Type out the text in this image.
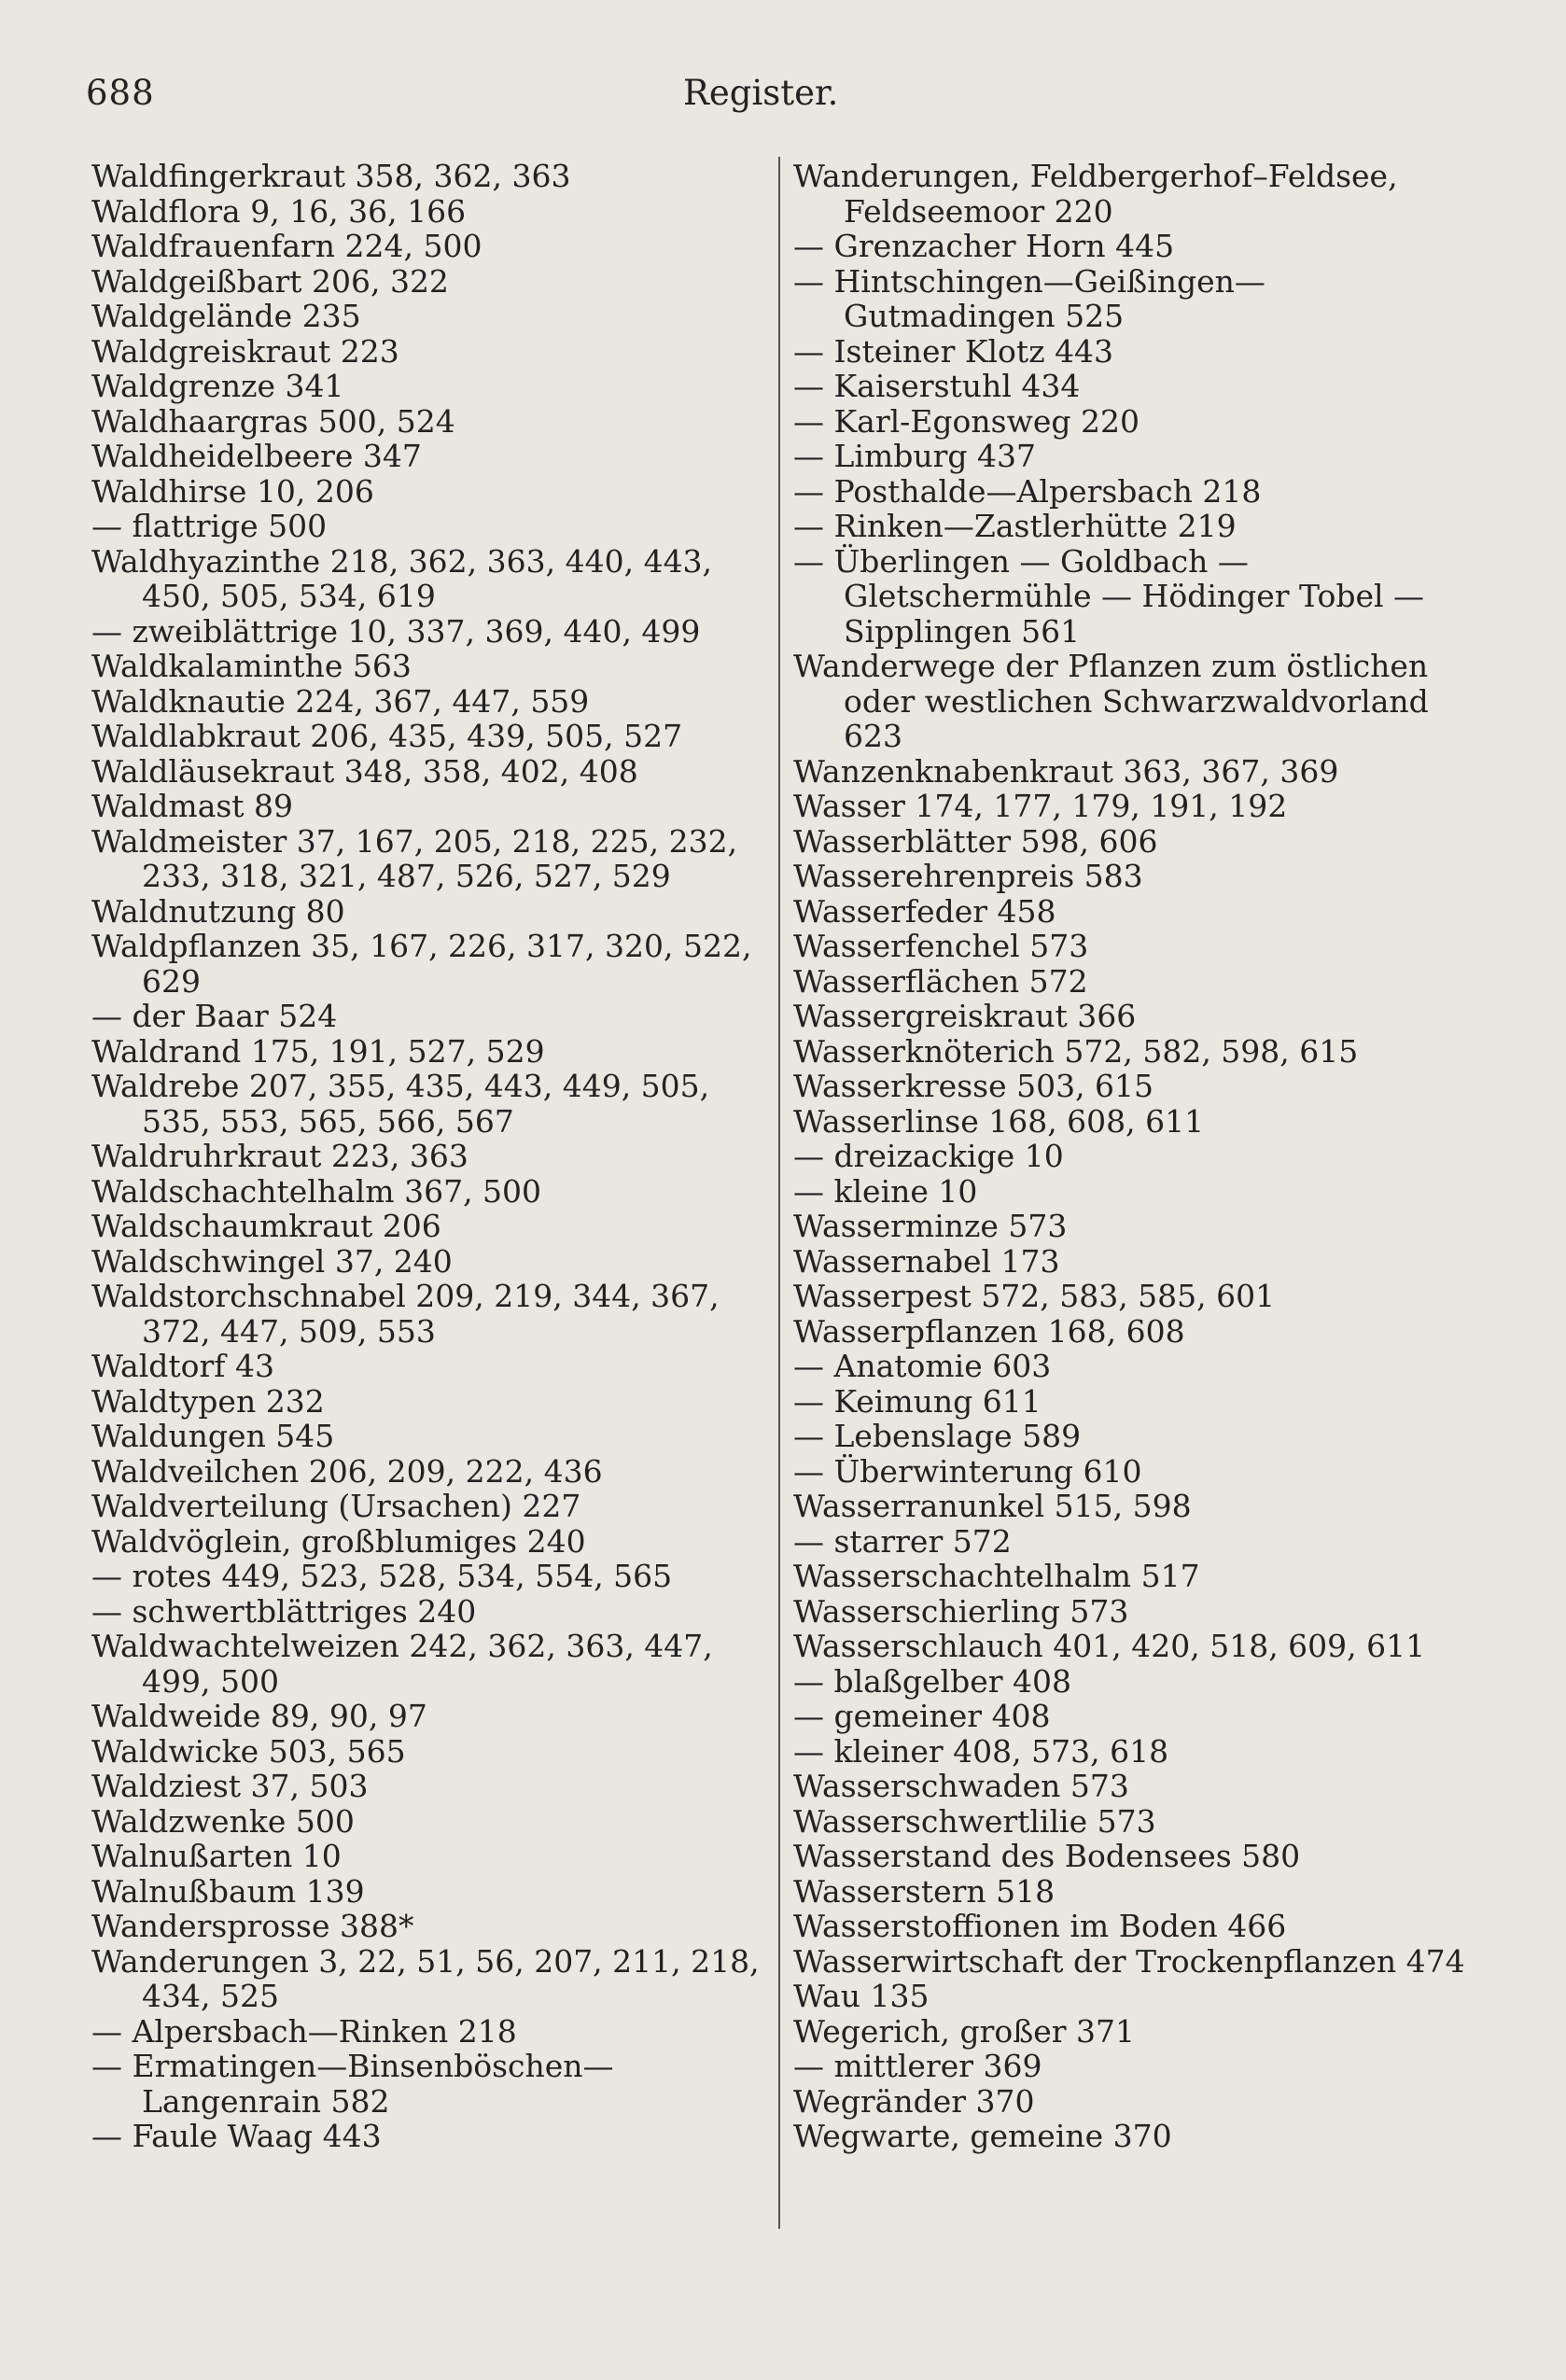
688	Register.
Waldfingerkraut 358, 362, 363
Waldflora 9, 16, 36, 166
Waldfrauenfarn 224, 500
Waldgeißbart 206, 322
Waldgelände 235
Waldgreiskraut 223
Waldgrenze 341
Waldhaargras 500, 524
Waldheidelbeere 347
Waldhirse 10, 206
— flattrige 500
Waldhyazinthe 218, 362, 363, 440, 443, 450, 505, 534, 619
— zweiblättrige 10, 337, 369, 440, 499
Waldkalaminthe 563
Waldknautie 224, 367, 447, 559
Waldlabkraut 206, 435, 439, 505, 527
Waldläusekraut 348, 358, 402, 408
Waldmast 89
Waldmeister 37, 167, 205, 218, 225, 232, 233, 318, 321, 487, 526, 527, 529
Waldnutzung 80
Waldpflanzen 35, 167, 226, 317, 320, 522, 629
— der Baar 524
Waldrand 175, 191, 527, 529
Waldrebe 207, 355, 435, 443, 449, 505, 535, 553, 565, 566, 567
Waldruhrkraut 223, 363
Waldschachtelhalm 367, 500
Waldschaumkraut 206
Waldschwingel 37, 240
Waldstorchschnabel 209, 219, 344, 367, 372, 447, 509, 553
Waldtorf 43
Waldtypen 232
Waldungen 545
Waldveilchen 206, 209, 222, 436
Waldverteilung (Ursachen) 227
Waldvöglein, großblumiges 240
— rotes 449, 523, 528, 534, 554, 565
— schwertblättriges 240
Waldwachtelweizen 242, 362, 363, 447, 499, 500
Waldweide 89, 90, 97
Waldwicke 503, 565
Waldziest 37, 503
Waldzwenke 500
Walnußarten 10
Walnußbaum 139
Wandersprosse 388*
Wanderungen 3, 22, 51, 56, 207, 211, 218, 434, 525
— Alpersbach—Rinken 218
— Ermatingen—Binsenböschen—Langenrain 582
— Faule Waag 443
Wanderungen, Feldbergerhof–Feldsee, Feldseemoor 220
— Grenzacher Horn 445
— Hintschingen—Geißingen—Gutmadingen 525
— Isteiner Klotz 443
— Kaiserstuhl 434
— Karl-Egonsweg 220
— Limburg 437
— Posthalde—Alpersbach 218
— Rinken—Zastlerhütte 219
— Überlingen — Goldbach — Gletschermühle — Hödinger Tobel — Sipplingen 561
Wanderwege der Pflanzen zum östlichen oder westlichen Schwarzwaldvorland 623
Wanzenknabenkraut 363, 367, 369
Wasser 174, 177, 179, 191, 192
Wasserblätter 598, 606
Wasserehrenpreis 583
Wasserfeder 458
Wasserfenchel 573
Wasserflächen 572
Wassergreiskraut 366
Wasserknöterich 572, 582, 598, 615
Wasserkresse 503, 615
Wasserlinse 168, 608, 611
— dreizackige 10
— kleine 10
Wasserminze 573
Wassernabel 173
Wasserpest 572, 583, 585, 601
Wasserpflanzen 168, 608
— Anatomie 603
— Keimung 611
— Lebenslage 589
— Überwinterung 610
Wasserranunkel 515, 598
— starrer 572
Wasserschachtelhalm 517
Wasserschierling 573
Wasserschlauch 401, 420, 518, 609, 611
— blaßgelber 408
— gemeiner 408
— kleiner 408, 573, 618
Wasserschwaden 573
Wasserschwertlilie 573
Wasserstand des Bodensees 580
Wasserstern 518
Wasserstoffionen im Boden 466
Wasserwirtschaft der Trockenpflanzen 474
Wau 135
Wegerich, großer 371
— mittlerer 369
Wegränder 370
Wegwarte, gemeine 370
